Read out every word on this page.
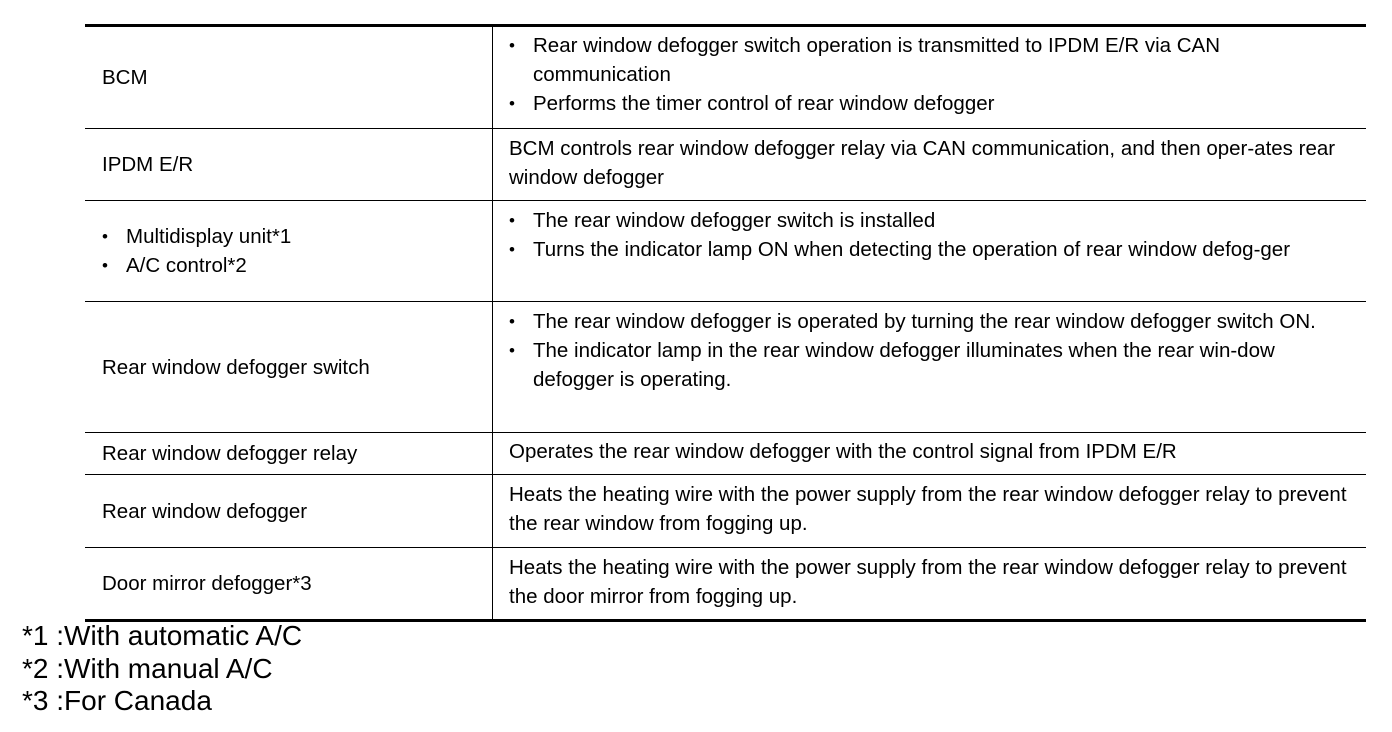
BCM
• Rear window defogger switch operation is transmitted to IPDM E/R via CAN communication
• Performs the timer control of rear window defogger
IPDM E/R
BCM controls rear window defogger relay via CAN communication, and then oper-ates rear window defogger
• Multidisplay unit*1
• A/C control*2
• The rear window defogger switch is installed
• Turns the indicator lamp ON when detecting the operation of rear window defog-ger
Rear window defogger switch
• The rear window defogger is operated by turning the rear window defogger switch ON.
• The indicator lamp in the rear window defogger illuminates when the rear win-dow defogger is operating.
Rear window defogger relay	Operates the rear window defogger with the control signal from IPDM E/R
Rear window defogger
Heats the heating wire with the power supply from the rear window defogger relay to prevent the rear window from fogging up.
Door mirror defogger*3
Heats the heating wire with the power supply from the rear window defogger relay to prevent the door mirror from fogging up.
*1 :With automatic A/C
*2 :With manual A/C
*3 :For Canada
